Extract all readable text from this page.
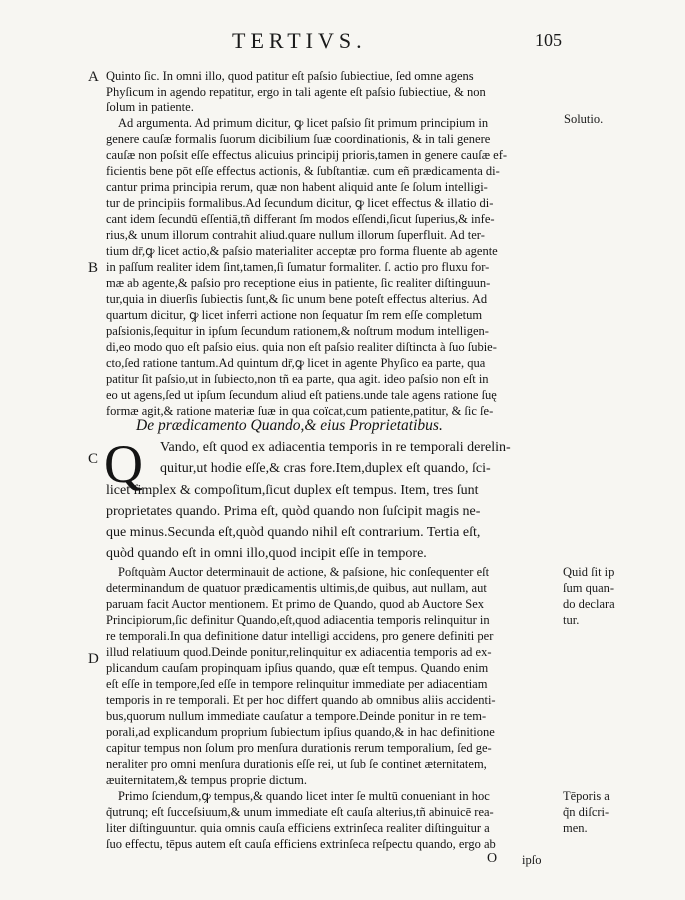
TERTIVS.	105
A
B
C
D
Quinto ſic. In omni illo, quod patitur eſt paſsio ſubiectiue, ſed omne agens
Phyſicum in agendo repatitur, ergo in tali agente eſt paſsio ſubiectiue, & non
ſolum in patiente.
Ad argumenta. Ad primum dicitur, ꝙ licet paſsio ſit primum principium in
genere cauſæ formalis ſuorum dicibilium ſuæ coordinationis, & in tali genere
cauſæ non poſsit eſſe effectus alicuius principij prioris,tamen in genere cauſæ ef-
ficientis bene pōt eſſe effectus actionis, & ſubſtantiæ. cum eñ prædicamenta di-
cantur prima principia rerum, quæ non habent aliquid ante ſe ſolum intelligi-
tur de principiis formalibus.Ad ſecundum dicitur, ꝙ licet effectus & illatio di-
cant idem ſecundū eſſentiā,tñ differant ſm modos eſſendi,ſicut ſuperius,& infe-
rius,& unum illorum contrahit aliud.quare nullum illorum ſuperfluit. Ad ter-
tium dr̄,ꝙ licet actio,& paſsio materialiter acceptæ pro forma fluente ab agente
in paſſum realiter idem ſint,tamen,ſi ſumatur formaliter. ſ. actio pro fluxu for-
mæ ab agente,& paſsio pro receptione eius in patiente, ſic realiter diſtinguun-
tur,quia in diuerſis ſubiectis ſunt,& ſic unum bene poteſt effectus alterius. Ad
quartum dicitur, ꝙ licet inferri actione non ſequatur ſm rem eſſe completum
paſsionis,ſequitur in ipſum ſecundum rationem,& noſtrum modum intelligen-
di,eo modo quo eſt paſsio eius. quia non eſt paſsio realiter diſtincta à ſuo ſubie-
cto,ſed ratione tantum.Ad quintum dr̄,ꝙ licet in agente Phyſico ea parte, qua
patitur ſit paſsio,ut in ſubiecto,non tñ ea parte, qua agit. ideo paſsio non eſt in
eo ut agens,ſed ut ipſum ſecundum aliud eſt patiens.unde tale agens ratione ſuę
formæ agit,& ratione materiæ ſuæ in qua coïcat,cum patiente,patitur, & ſic ſe-
De prædicamento Quando,& eius Proprietatibus.
Q Vando, eſt quod ex adiacentia temporis in re temporali derelin-
quitur,ut hodie eſſe,& cras fore.Item,duplex eſt quando, ſci-
licet ſimplex & compoſitum,ſicut duplex eſt tempus. Item, tres ſunt
proprietates quando. Prima eſt, quòd quando non ſuſcipit magis ne-
que minus.Secunda eſt,quòd quando nihil eſt contrarium. Tertia eſt,
quòd quando eſt in omni illo,quod incipit eſſe in tempore.
Poſtquàm Auctor determinauit de actione, & paſsione, hic conſequenter eſt
determinandum de quatuor prædicamentis ultimis,de quibus, aut nullam, aut
paruam facit Auctor mentionem. Et primo de Quando, quod ab Auctore Sex
Principiorum,ſic definitur Quando,eſt,quod adiacentia temporis relinquitur in
re temporali.In qua definitione datur intelligi accidens, pro genere definiti per
illud relatiuum quod.Deinde ponitur,relinquitur ex adiacentia temporis ad ex-
plicandum cauſam propinquam ipſius quando, quæ eſt tempus. Quando enim
eſt eſſe in tempore,ſed eſſe in tempore relinquitur immediate per adiacentiam
temporis in re temporali. Et per hoc differt quando ab omnibus aliis accidenti-
bus,quorum nullum immediate cauſatur a tempore.Deinde ponitur in re tem-
porali,ad explicandum proprium ſubiectum ipſius quando,& in hac definitione
capitur tempus non ſolum pro menſura durationis rerum temporalium, ſed ge-
neraliter pro omni menſura durationis eſſe rei, ut ſub ſe continet æternitatem,
æuiternitatem,& tempus proprie dictum.
Primo ſciendum,ꝙ tempus,& quando licet inter ſe multū conueniant in hoc
q̃utrunq; eſt ſucceſsiuum,& unum immediate eſt cauſa alterius,tñ abinuicē rea-
liter diſtinguuntur. quia omnis cauſa efficiens extrinſeca realiter diſtinguitur a
ſuo effectu, tēpus autem eſt cauſa efficiens extrinſeca reſpectu quando, ergo ab
Solutio.
Quid ſit ip
ſum quan-
do declara
tur.
Tēporis a
q̃n diſcri-
men.
O ipſo
